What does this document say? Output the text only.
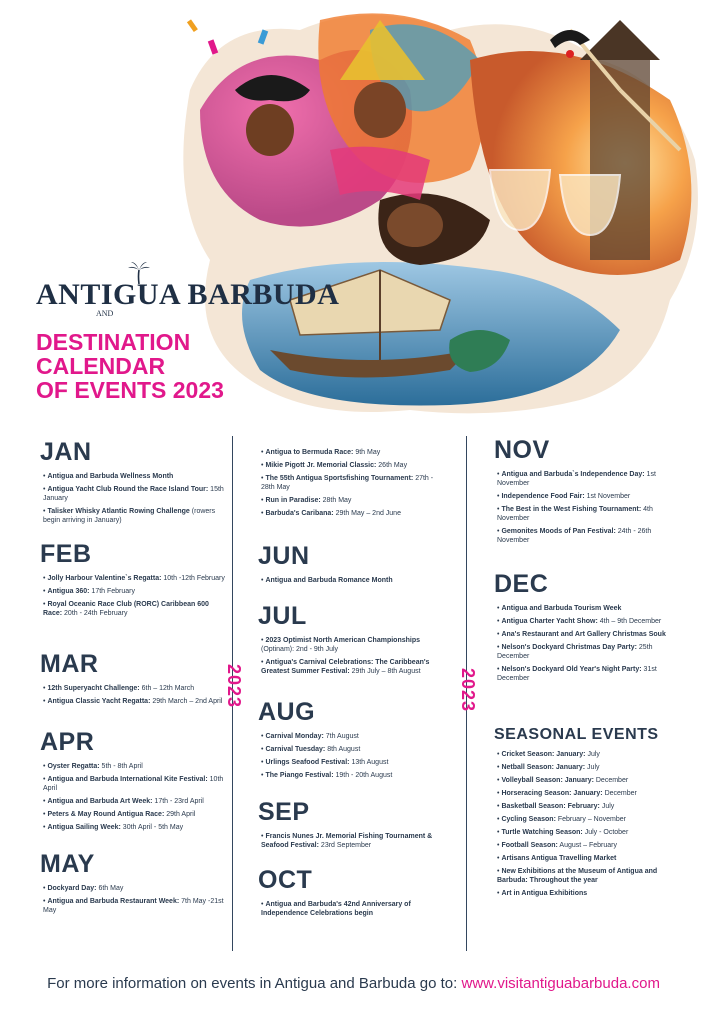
ANTIGUA BARBUDA
AND
DESTINATION
CALENDAR
OF EVENTS 2023
2023	2023
JAN
• Antigua and Barbuda Wellness Month
• Antigua Yacht Club Round the Race Island Tour: 15th January
• Talisker Whisky Atlantic Rowing Challenge (rowers begin arriving in January)
FEB
• Jolly Harbour Valentine`s Regatta: 10th -12th February
• Antigua 360: 17th February
• Royal Oceanic Race Club (RORC) Caribbean 600 Race: 20th - 24th February
MAR
• 12th Superyacht Challenge: 6th – 12th March
• Antigua Classic Yacht Regatta: 29th March – 2nd April
APR
• Oyster Regatta: 5th - 8th April
• Antigua and Barbuda International Kite Festival: 10th April
• Antigua and Barbuda Art Week: 17th - 23rd April
• Peters & May Round Antigua Race: 29th April
• Antigua Sailing Week: 30th April - 5th May
MAY
• Dockyard Day: 6th May
• Antigua and Barbuda Restaurant Week: 7th May -21st May
• Antigua to Bermuda Race: 9th May
• Mikie Pigott Jr. Memorial Classic: 26th May
• The 55th Antigua Sportsfishing Tournament: 27th - 28th May
• Run in Paradise: 28th May
• Barbuda's Caribana: 29th May – 2nd June
JUN
• Antigua and Barbuda Romance Month
JUL
• 2023 Optimist North American Championships (Optinam): 2nd - 9th July
• Antigua's Carnival Celebrations: The Caribbean's Greatest Summer Festival: 29th July – 8th August
AUG
• Carnival Monday: 7th August
• Carnival Tuesday: 8th August
• Urlings Seafood Festival: 13th August
• The Piango Festival: 19th - 20th August
SEP
• Francis Nunes Jr. Memorial Fishing Tournament & Seafood Festival: 23rd September
OCT
• Antigua and Barbuda's 42nd Anniversary of Independence Celebrations begin
NOV
• Antigua and Barbuda`s Independence Day: 1st November
• Independence Food Fair: 1st November
• The Best in the West Fishing Tournament: 4th November
• Gemonites Moods of Pan Festival: 24th - 26th November
DEC
• Antigua and Barbuda Tourism Week
• Antigua Charter Yacht Show: 4th – 9th December
• Ana's Restaurant and Art Gallery Christmas Souk
• Nelson's Dockyard Christmas Day Party: 25th December
• Nelson's Dockyard Old Year's Night Party: 31st December
SEASONAL EVENTS
• Cricket Season: January: July
• Netball Season: January: July
• Volleyball Season: January: December
• Horseracing Season: January: December
• Basketball Season: February: July
• Cycling Season: February – November
• Turtle Watching Season: July - October
• Football Season: August – February
• Artisans Antigua Travelling Market
• New Exhibitions at the Museum of Antigua and Barbuda: Throughout the year
• Art in Antigua Exhibitions
For more information on events in Antigua and Barbuda go to: www.visitantiguabarbuda.com
